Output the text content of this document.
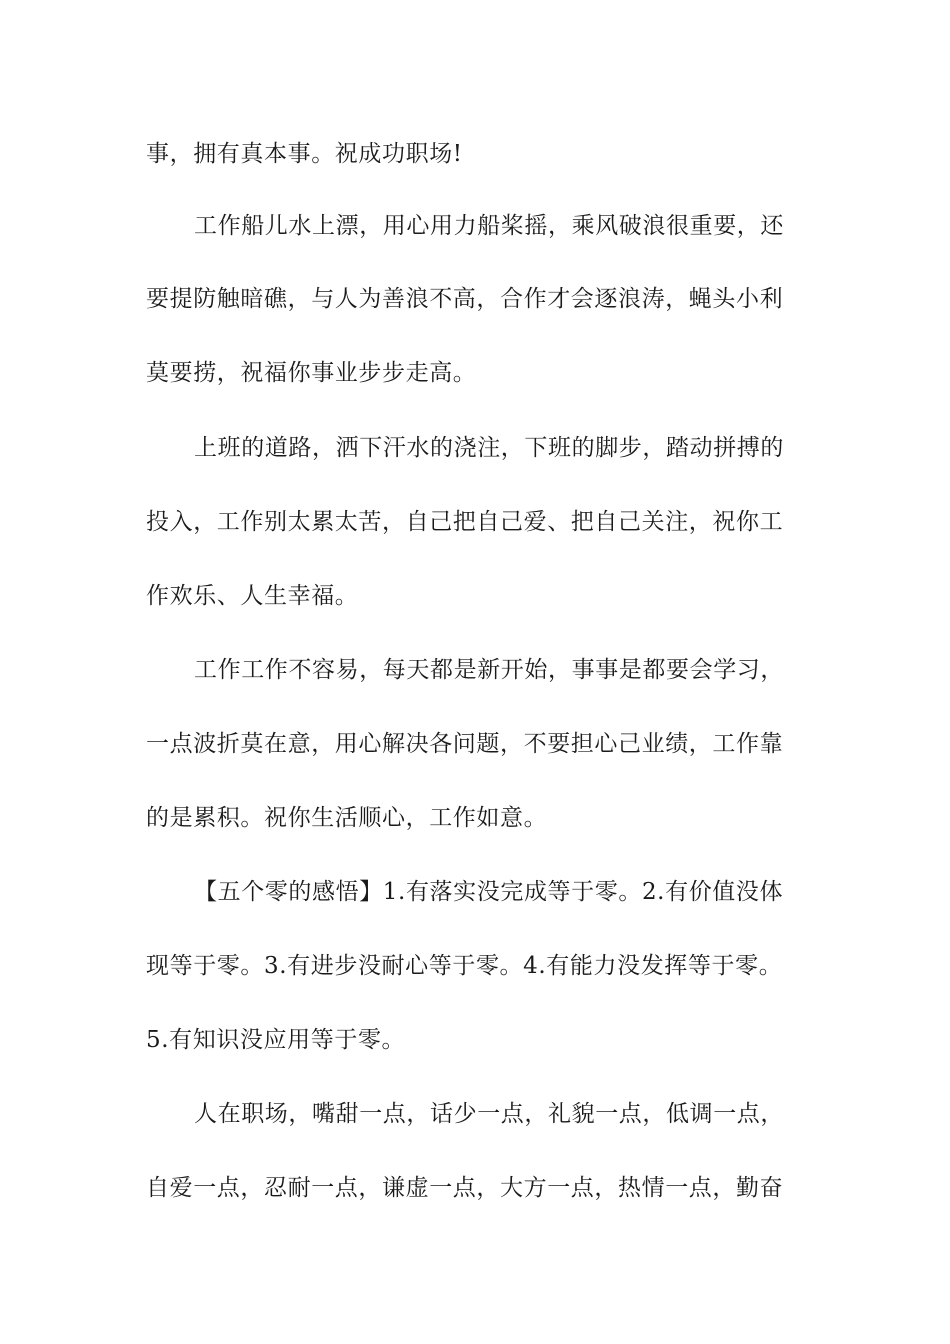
事，拥有真本事。祝成功职场!
工作船儿水上漂，用心用力船桨摇，乘风破浪很重要，还
要提防触暗礁，与人为善浪不高，合作才会逐浪涛，蝇头小利
莫要捞，祝福你事业步步走高。
上班的道路，洒下汗水的浇注，下班的脚步，踏动拼搏的
投入，工作别太累太苦，自己把自己爱、把自己关注，祝你工
作欢乐、人生幸福。
工作工作不容易，每天都是新开始，事事是都要会学习，
一点波折莫在意，用心解决各问题，不要担心己业绩，工作靠
的是累积。祝你生活顺心，工作如意。
【五个零的感悟】1.有落实没完成等于零。2.有价值没体
现等于零。3.有进步没耐心等于零。4.有能力没发挥等于零。
5.有知识没应用等于零。
人在职场，嘴甜一点，话少一点，礼貌一点，低调一点，
自爱一点，忍耐一点，谦虚一点，大方一点，热情一点，勤奋
